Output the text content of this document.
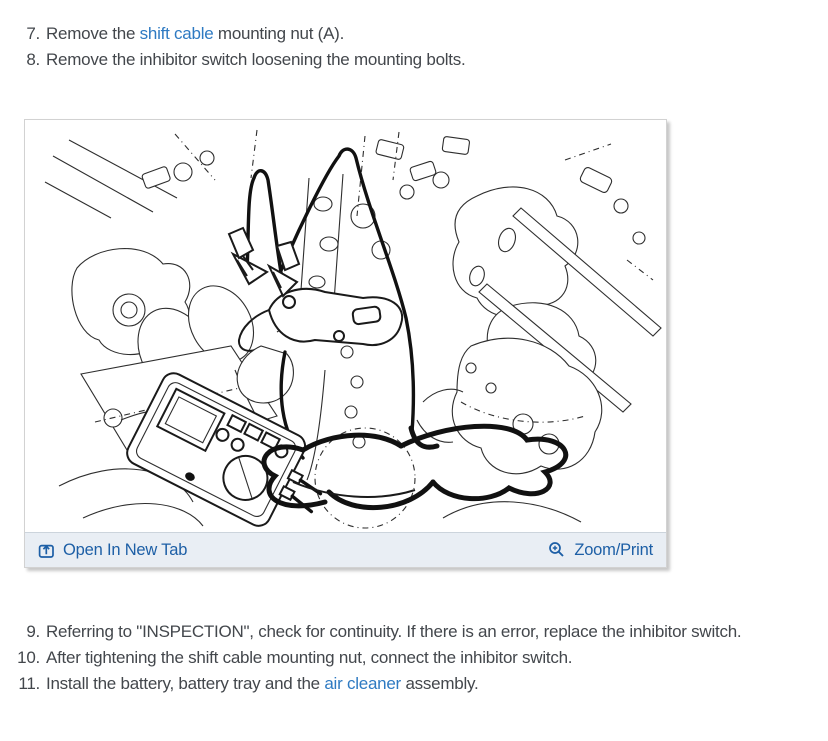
7. Remove the shift cable mounting nut (A).
8. Remove the inhibitor switch loosening the mounting bolts.
Open In New Tab	Zoom/Print
9. Referring to "INSPECTION", check for continuity. If there is an error, replace the inhibitor switch.
10. After tightening the shift cable mounting nut, connect the inhibitor switch.
11. Install the battery, battery tray and the air cleaner assembly.
